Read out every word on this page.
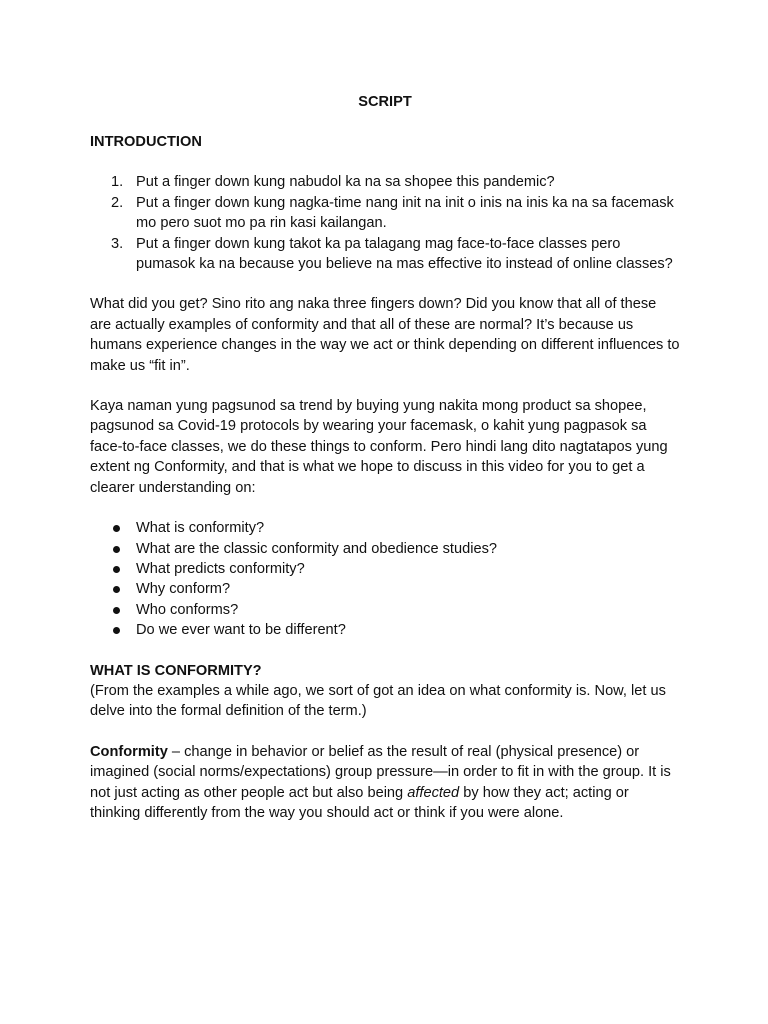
SCRIPT

INTRODUCTION

1. Put a finger down kung nabudol ka na sa shopee this pandemic?
2. Put a finger down kung nagka-time nang init na init o inis na inis ka na sa facemask mo pero suot mo pa rin kasi kailangan.
3. Put a finger down kung takot ka pa talagang mag face-to-face classes pero pumasok ka na because you believe na mas effective ito instead of online classes?

What did you get? Sino rito ang naka three fingers down? Did you know that all of these are actually examples of conformity and that all of these are normal? It’s because us humans experience changes in the way we act or think depending on different influences to make us “fit in”.

Kaya naman yung pagsunod sa trend by buying yung nakita mong product sa shopee, pagsunod sa Covid-19 protocols by wearing your facemask, o kahit yung pagpasok sa face-to-face classes, we do these things to conform. Pero hindi lang dito nagtatapos yung extent ng Conformity, and that is what we hope to discuss in this video for you to get a clearer understanding on:

What is conformity?
What are the classic conformity and obedience studies?
What predicts conformity?
Why conform?
Who conforms?
Do we ever want to be different?

WHAT IS CONFORMITY?

(From the examples a while ago, we sort of got an idea on what conformity is. Now, let us delve into the formal definition of the term.)

Conformity – change in behavior or belief as the result of real (physical presence) or imagined (social norms/expectations) group pressure—in order to fit in with the group. It is not just acting as other people act but also being affected by how they act; acting or thinking differently from the way you should act or think if you were alone.
